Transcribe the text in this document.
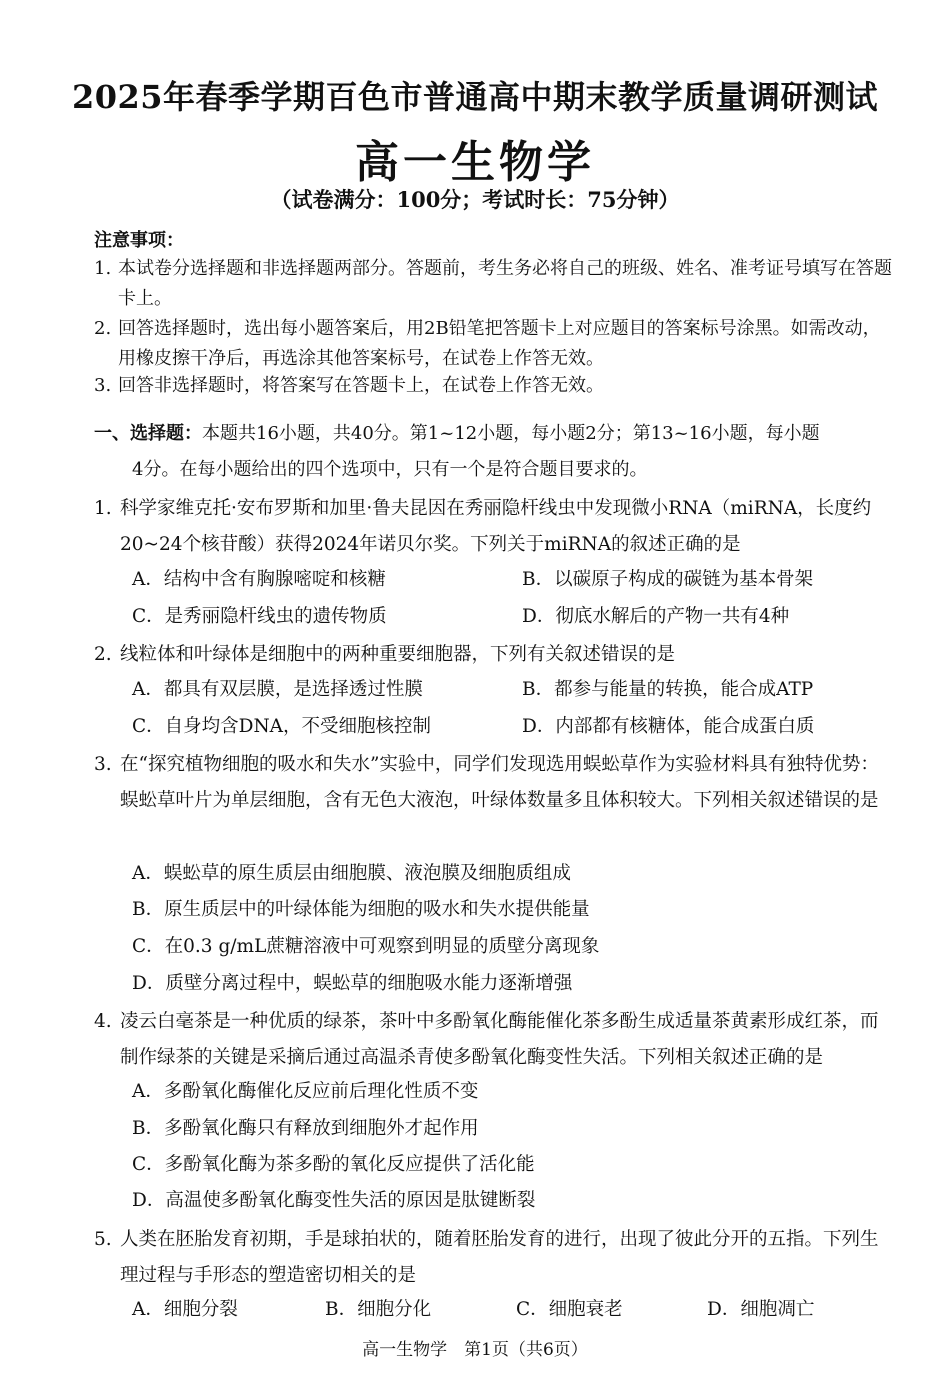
2025年春季学期百色市普通高中期末教学质量调研测试
高一生物学
（试卷满分：100分；考试时长：75分钟）
注意事项：
1. 本试卷分选择题和非选择题两部分。答题前，考生务必将自己的班级、姓名、准考证号填写在答题卡上。
2. 回答选择题时，选出每小题答案后，用2B铅笔把答题卡上对应题目的答案标号涂黑。如需改动，用橡皮擦干净后，再选涂其他答案标号，在试卷上作答无效。
3. 回答非选择题时，将答案写在答题卡上，在试卷上作答无效。
一、选择题：本题共16小题，共40分。第1~12小题，每小题2分；第13~16小题，每小题
4分。在每小题给出的四个选项中，只有一个是符合题目要求的。
1. 科学家维克托·安布罗斯和加里·鲁夫昆因在秀丽隐杆线虫中发现微小RNA（miRNA，长度约20~24个核苷酸）获得2024年诺贝尔奖。下列关于miRNA的叙述正确的是
A．结构中含有胸腺嘧啶和核糖	B．以碳原子构成的碳链为基本骨架
C．是秀丽隐杆线虫的遗传物质	D．彻底水解后的产物一共有4种
2. 线粒体和叶绿体是细胞中的两种重要细胞器，下列有关叙述错误的是
A．都具有双层膜，是选择透过性膜	B．都参与能量的转换，能合成ATP
C．自身均含DNA，不受细胞核控制	D．内部都有核糖体，能合成蛋白质
3. 在“探究植物细胞的吸水和失水”实验中，同学们发现选用蜈蚣草作为实验材料具有独特优势：蜈蚣草叶片为单层细胞，含有无色大液泡，叶绿体数量多且体积较大。下列相关叙述错误的是
A．蜈蚣草的原生质层由细胞膜、液泡膜及细胞质组成
B．原生质层中的叶绿体能为细胞的吸水和失水提供能量
C．在0.3 g/mL蔗糖溶液中可观察到明显的质壁分离现象
D．质壁分离过程中，蜈蚣草的细胞吸水能力逐渐增强
4. 凌云白毫茶是一种优质的绿茶，茶叶中多酚氧化酶能催化茶多酚生成适量茶黄素形成红茶，而制作绿茶的关键是采摘后通过高温杀青使多酚氧化酶变性失活。下列相关叙述正确的是
A．多酚氧化酶催化反应前后理化性质不变
B．多酚氧化酶只有释放到细胞外才起作用
C．多酚氧化酶为茶多酚的氧化反应提供了活化能
D．高温使多酚氧化酶变性失活的原因是肽键断裂
5. 人类在胚胎发育初期，手是球拍状的，随着胚胎发育的进行，出现了彼此分开的五指。下列生理过程与手形态的塑造密切相关的是
A．细胞分裂	B．细胞分化	C．细胞衰老	D．细胞凋亡
高一生物学　第1页（共6页）
